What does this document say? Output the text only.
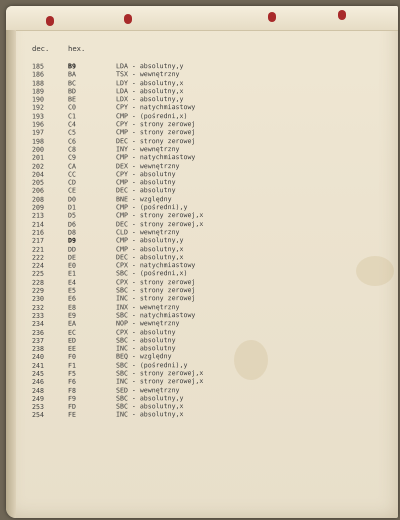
dec.	hex.
185	B9	LDA - absolutny,y
186	BA	TSX - wewnętrzny
188	BC	LDY - absolutny,x
189	BD	LDA - absolutny,x
190	BE	LDX - absolutny,y
192	C0	CPY - natychmiastowy
193	C1	CMP - (pośredni,x)
196	C4	CPY - strony zerowej
197	C5	CMP - strony zerowej
198	C6	DEC - strony zerowej
200	C8	INY - wewnętrzny
201	C9	CMP - natychmiastowy
202	CA	DEX - wewnętrzny
204	CC	CPY - absolutny
205	CD	CMP - absolutny
206	CE	DEC - absolutny
208	D0	BNE - względny
209	D1	CMP - (pośredni),y
213	D5	CMP - strony zerowej,x
214	D6	DEC - strony zerowej,x
216	D8	CLD - wewnętrzny
217	D9	CMP - absolutny,y
221	DD	CMP - absolutny,x
222	DE	DEC - absolutny,x
224	E0	CPX - natychmiastowy
225	E1	SBC - (pośredni,x)
228	E4	CPX - strony zerowej
229	E5	SBC - strony zerowej
230	E6	INC - strony zerowej
232	E8	INX - wewnętrzny
233	E9	SBC - natychmiastowy
234	EA	NOP - wewnętrzny
236	EC	CPX - absolutny
237	ED	SBC - absolutny
238	EE	INC - absolutny
240	F0	BEQ - względny
241	F1	SBC - (pośredni),y
245	F5	SBC - strony zerowej,x
246	F6	INC - strony zerowej,x
248	F8	SED - wewnętrzny
249	F9	SBC - absolutny,y
253	FD	SBC - absolutny,x
254	FE	INC - absolutny,x
